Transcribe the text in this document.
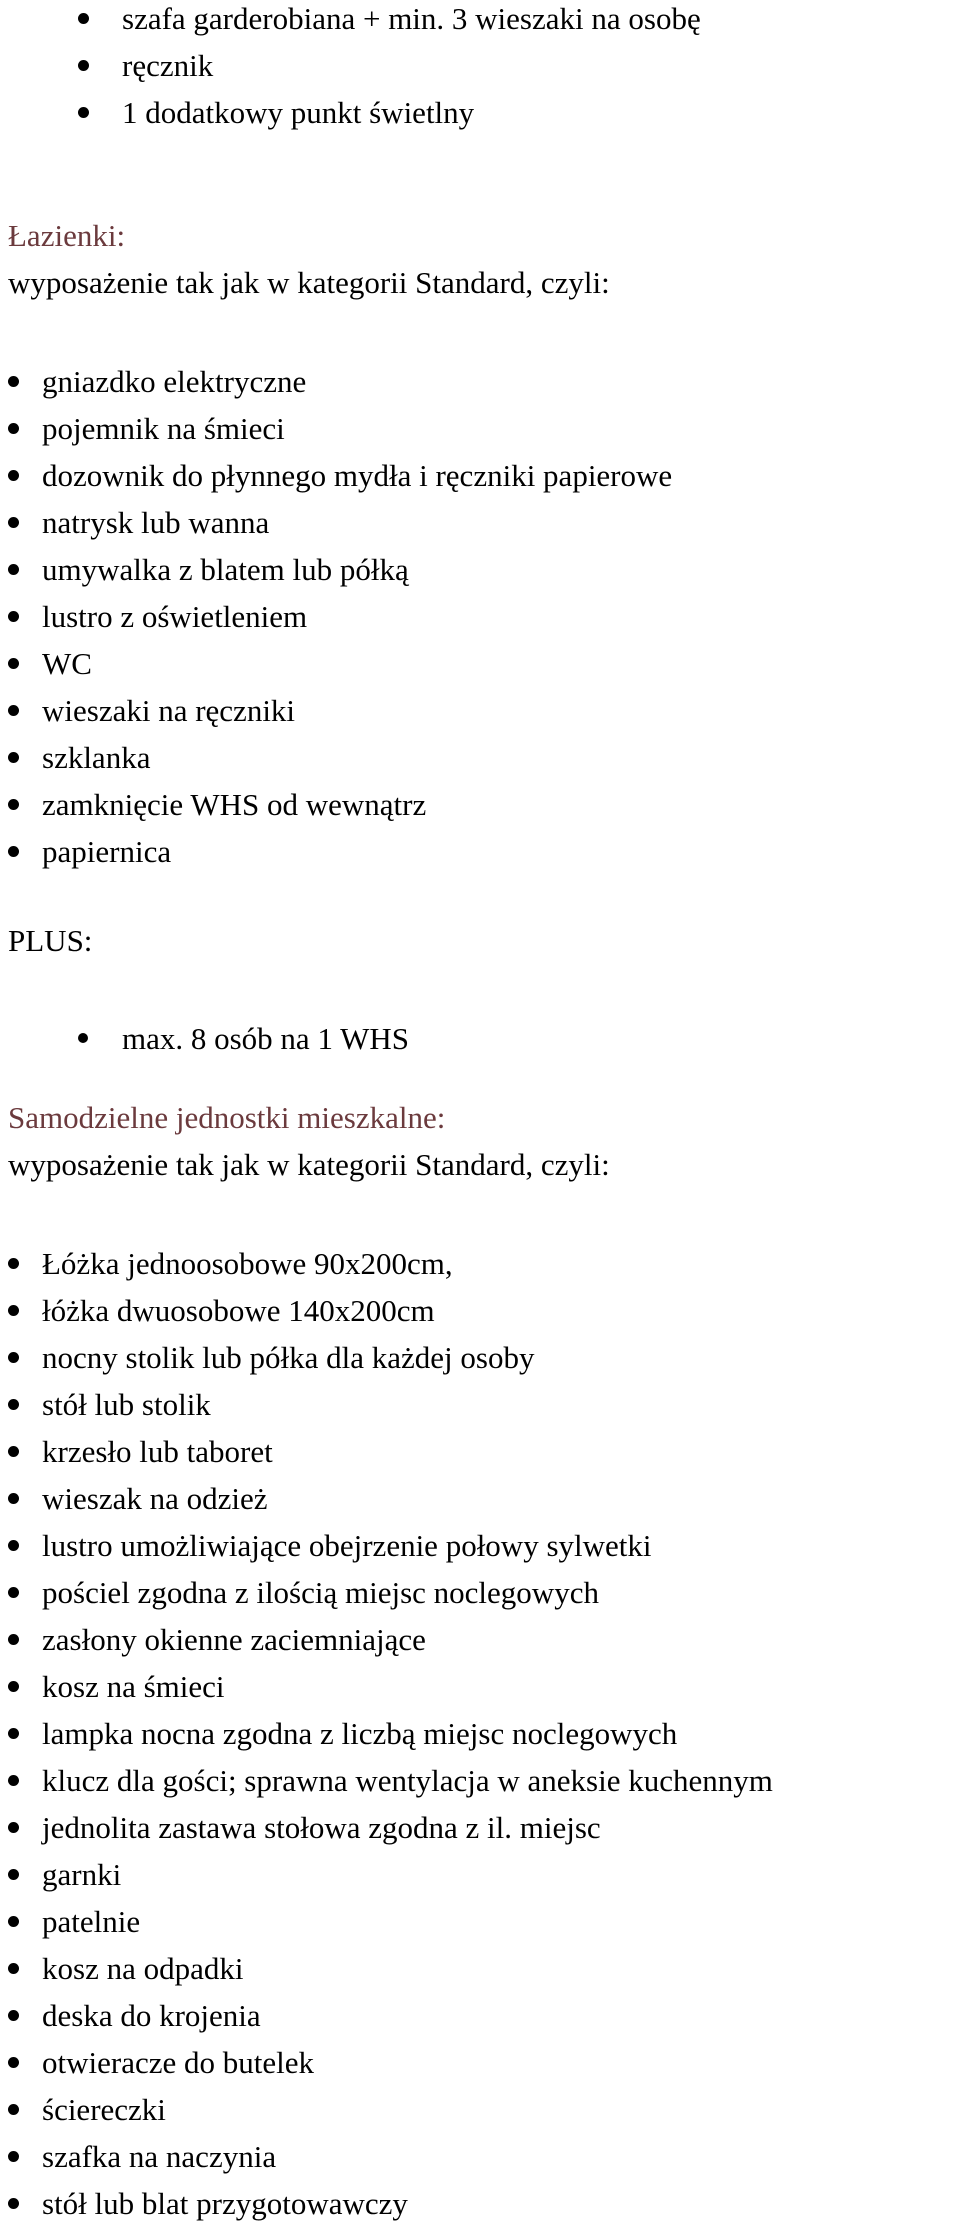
szafa garderobiana + min. 3 wieszaki na osobę
ręcznik
1 dodatkowy punkt świetlny
Łazienki:
wyposażenie tak jak w kategorii Standard, czyli:
gniazdko elektryczne
pojemnik na śmieci
dozownik do płynnego mydła i ręczniki papierowe
natrysk lub wanna
umywalka z blatem lub półką
lustro z oświetleniem
WC
wieszaki na ręczniki
szklanka
zamknięcie WHS od wewnątrz
papiernica
PLUS:
max. 8 osób na 1 WHS
Samodzielne jednostki mieszkalne:
wyposażenie tak jak w kategorii Standard, czyli:
Łóżka jednoosobowe 90x200cm,
łóżka dwuosobowe 140x200cm
nocny stolik lub półka dla każdej osoby
stół lub stolik
krzesło lub taboret
wieszak na odzież
lustro umożliwiające obejrzenie połowy sylwetki
pościel zgodna z ilością miejsc noclegowych
zasłony okienne zaciemniające
kosz na śmieci
lampka nocna zgodna z liczbą miejsc noclegowych
klucz dla gości; sprawna wentylacja w aneksie kuchennym
jednolita zastawa stołowa zgodna z il. miejsc
garnki
patelnie
kosz na odpadki
deska do krojenia
otwieracze do butelek
ściereczki
szafka na naczynia
stół lub blat przygotowawczy
